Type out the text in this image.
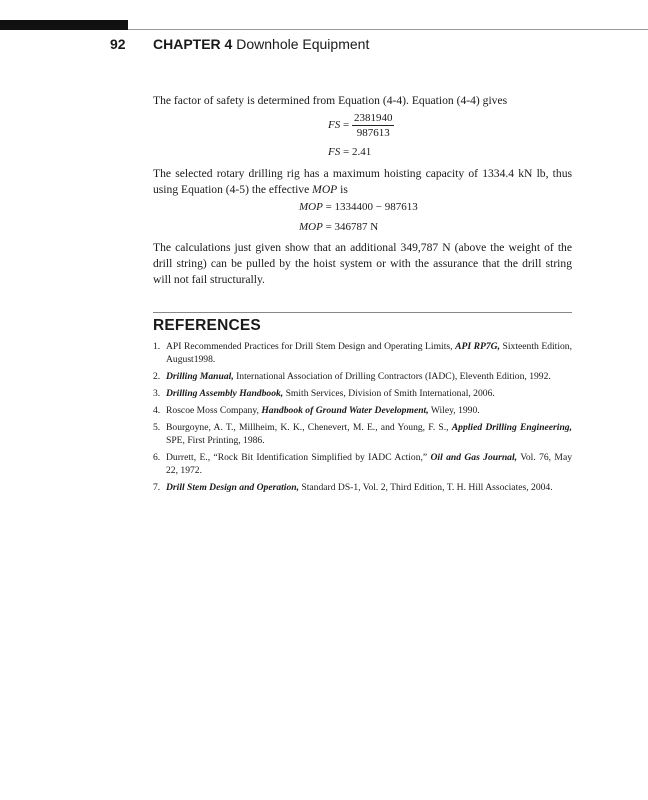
92 CHAPTER 4 Downhole Equipment

The factor of safety is determined from Equation (4-4). Equation (4-4) gives

FS = $\frac{2381940}{987613}$
FS = 2.41

The selected rotary drilling rig has a maximum hoisting capacity of 1334.4 kN lb, thus using Equation (4-5) the effective MOP is

MOP = 1334400 − 987613
MOP = 346787 N

The calculations just given show that an additional 349,787 N (above the weight of the drill string) can be pulled by the hoist system or with the assurance that the drill string will not fail structurally.

REFERENCES
1. API Recommended Practices for Drill Stem Design and Operating Limits, API RP7G, Sixteenth Edition, August1998.
2. Drilling Manual, International Association of Drilling Contractors (IADC), Eleventh Edition, 1992.
3. Drilling Assembly Handbook, Smith Services, Division of Smith International, 2006.
4. Roscoe Moss Company, Handbook of Ground Water Development, Wiley, 1990.
5. Bourgoyne, A. T., Millheim, K. K., Chenevert, M. E., and Young, F. S., Applied Drilling Engineering, SPE, First Printing, 1986.
6. Durrett, E., “Rock Bit Identification Simplified by IADC Action,” Oil and Gas Journal, Vol. 76, May 22, 1972.
7. Drill Stem Design and Operation, Standard DS-1, Vol. 2, Third Edition, T. H. Hill Associates, 2004.
